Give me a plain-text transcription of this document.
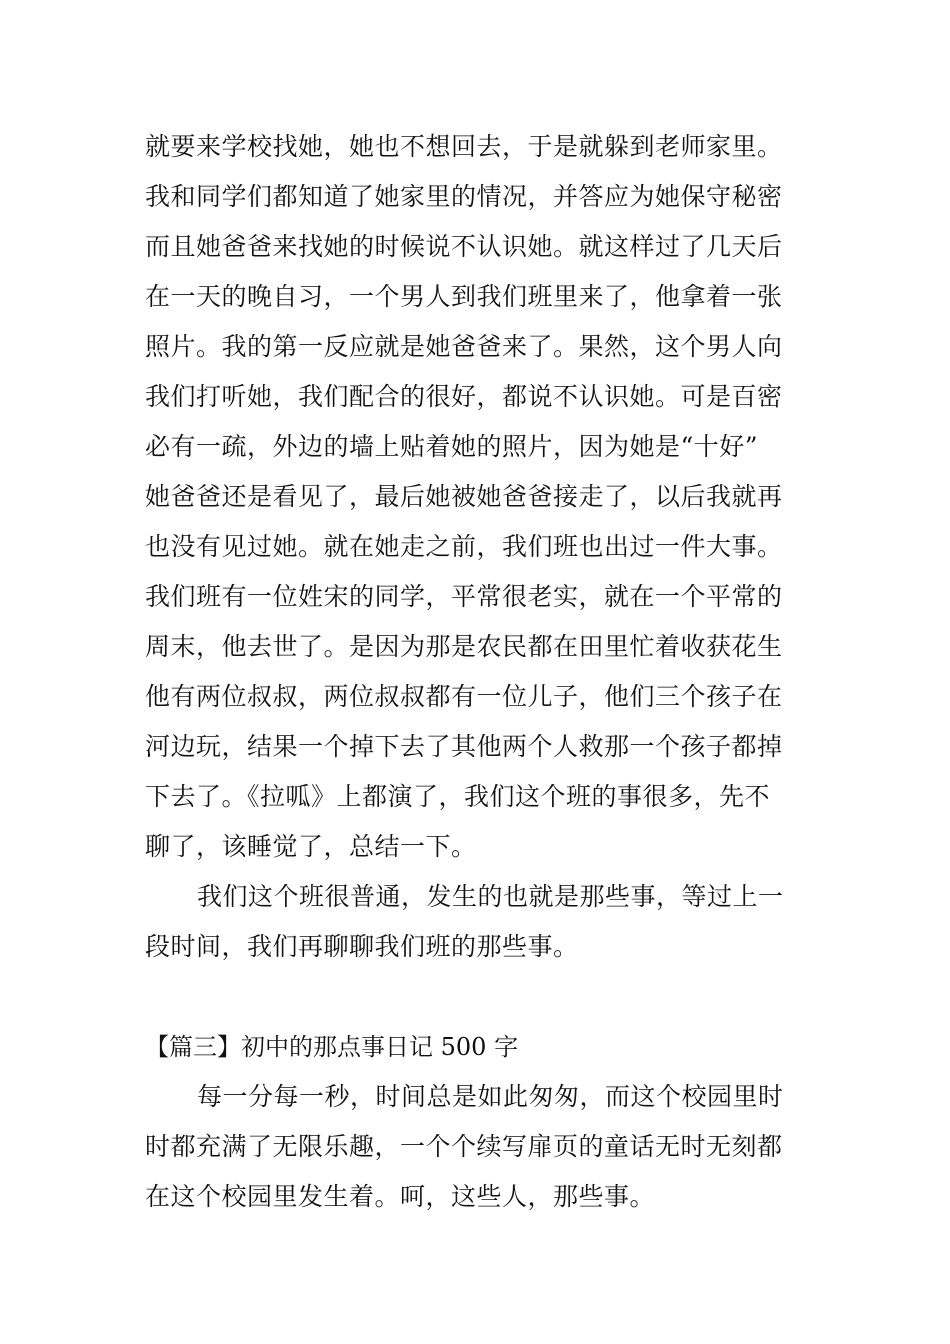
就要来学校找她，她也不想回去，于是就躲到老师家里。
我和同学们都知道了她家里的情况，并答应为她保守秘密
而且她爸爸来找她的时候说不认识她。就这样过了几天后
在一天的晚自习，一个男人到我们班里来了，他拿着一张
照片。我的第一反应就是她爸爸来了。果然，这个男人向
我们打听她，我们配合的很好，都说不认识她。可是百密
必有一疏，外边的墙上贴着她的照片，因为她是“十好”
她爸爸还是看见了，最后她被她爸爸接走了，以后我就再
也没有见过她。就在她走之前，我们班也出过一件大事。
我们班有一位姓宋的同学，平常很老实，就在一个平常的
周末，他去世了。是因为那是农民都在田里忙着收获花生
他有两位叔叔，两位叔叔都有一位儿子，他们三个孩子在
河边玩，结果一个掉下去了其他两个人救那一个孩子都掉
下去了。《拉呱》上都演了，我们这个班的事很多，先不
聊了，该睡觉了，总结一下。
我们这个班很普通，发生的也就是那些事，等过上一
段时间，我们再聊聊我们班的那些事。
【篇三】初中的那点事日记 500 字
每一分每一秒，时间总是如此匆匆，而这个校园里时
时都充满了无限乐趣，一个个续写扉页的童话无时无刻都
在这个校园里发生着。呵，这些人，那些事。
